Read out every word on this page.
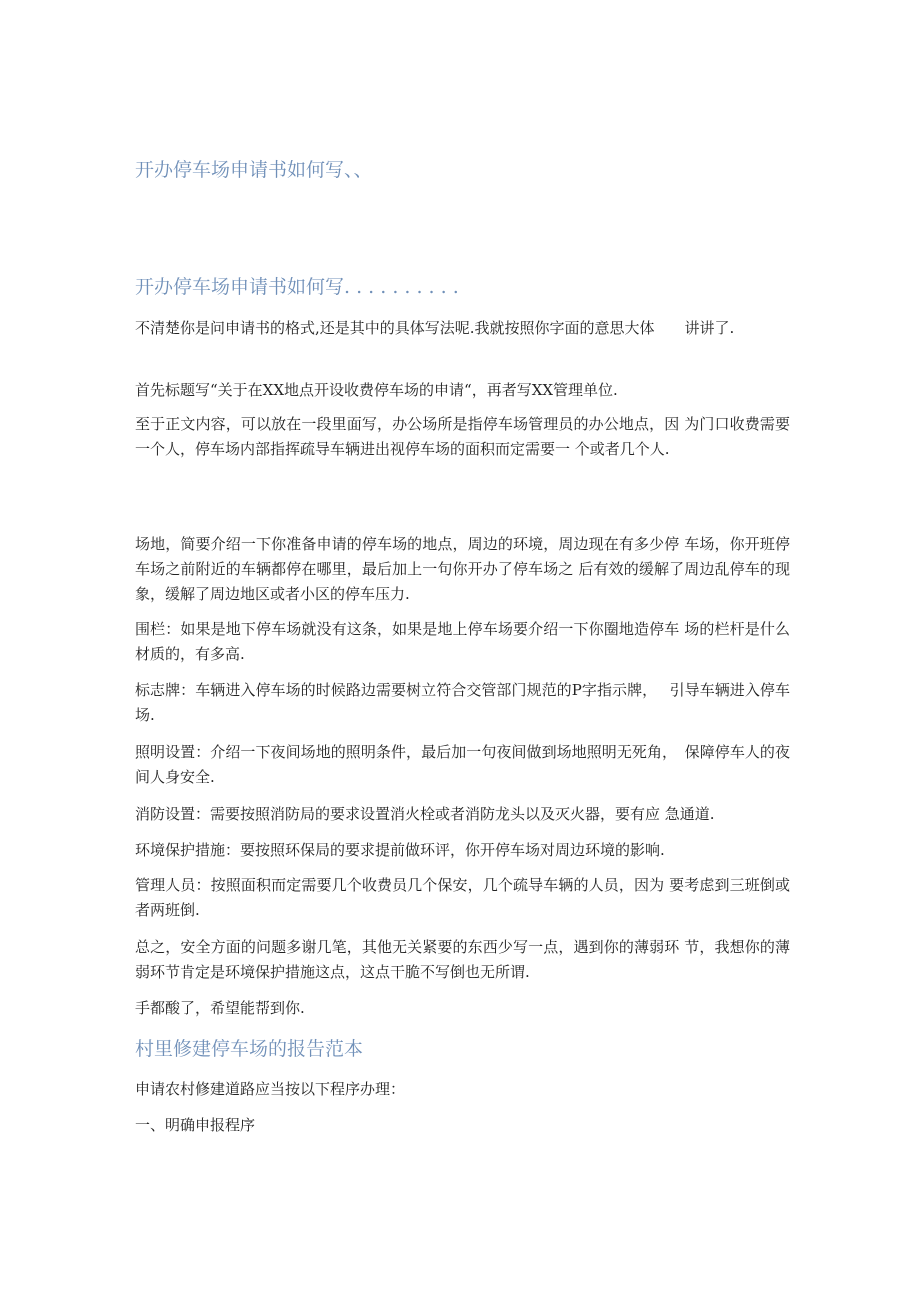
开办停车场申请书如何写、、
开办停车场申请书如何写. . . . . . . . . .

不清楚你是问申请书的格式,还是其中的具体写法呢.我就按照你字面的意思大体　　讲讲了.

首先标题写“关于在XX地点开设收费停车场的申请“，再者写XX管理单位.

至于正文内容，可以放在一段里面写，办公场所是指停车场管理员的办公地点，因 为门口收费需要一个人，停车场内部指挥疏导车辆进出视停车场的面积而定需要一 个或者几个人.

场地，简要介绍一下你准备申请的停车场的地点，周边的环境，周边现在有多少停 车场，你开班停车场之前附近的车辆都停在哪里，最后加上一句你开办了停车场之 后有效的缓解了周边乱停车的现象，缓解了周边地区或者小区的停车压力.

围栏：如果是地下停车场就没有这条，如果是地上停车场要介绍一下你圈地造停车 场的栏杆是什么材质的，有多高.

标志牌：车辆进入停车场的时候路边需要树立符合交管部门规范的P字指示牌，　 引导车辆进入停车场.

照明设置：介绍一下夜间场地的照明条件，最后加一句夜间做到场地照明无死角，　保障停车人的夜间人身安全.

消防设置：需要按照消防局的要求设置消火栓或者消防龙头以及灭火器，要有应 急通道.

环境保护措施：要按照环保局的要求提前做环评，你开停车场对周边环境的影响.

管理人员：按照面积而定需要几个收费员几个保安，几个疏导车辆的人员，因为 要考虑到三班倒或者两班倒.

总之，安全方面的问题多谢几笔，其他无关紧要的东西少写一点，遇到你的薄弱环 节，我想你的薄弱环节肯定是环境保护措施这点，这点干脆不写倒也无所谓.

手都酸了，希望能帮到你.

村里修建停车场的报告范本

申请农村修建道路应当按以下程序办理：

一、明确申报程序
